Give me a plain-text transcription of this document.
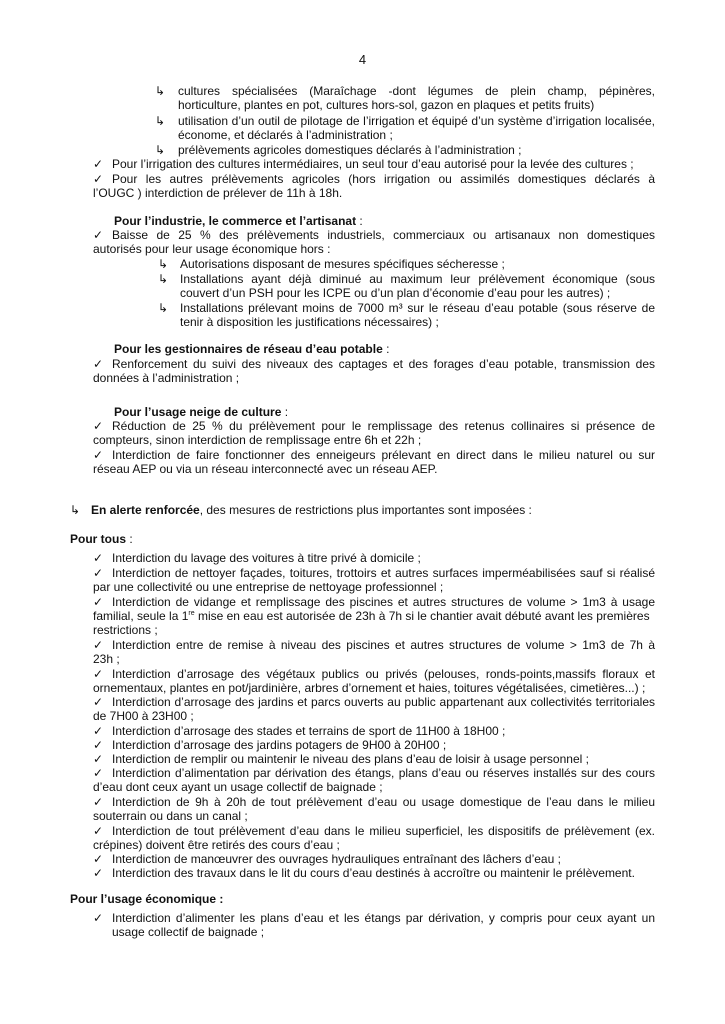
4
↳ cultures spécialisées (Maraîchage -dont légumes de plein champ, pépinères,
horticulture, plantes en pot, cultures hors-sol, gazon en plaques et petits fruits)
↳ utilisation d’un outil de pilotage de l’irrigation et équipé d’un système d’irrigation localisée,
économe, et déclarés à l’administration ;
↳ prélèvements agricoles domestiques déclarés à l’administration ;
✓ Pour l’irrigation des cultures intermédiaires, un seul tour d’eau autorisé pour la levée des cultures ;
✓ Pour les autres prélèvements agricoles (hors irrigation ou assimilés domestiques déclarés à
l’OUGC ) interdiction de prélever de 11h à 18h.
Pour l’industrie, le commerce et l’artisanat :
✓ Baisse de 25 % des prélèvements industriels, commerciaux ou artisanaux non domestiques
autorisés pour leur usage économique hors :
↳ Autorisations disposant de mesures spécifiques sécheresse ;
↳ Installations ayant déjà diminué au maximum leur prélèvement économique (sous
couvert d’un PSH pour les ICPE ou d’un plan d’économie d’eau pour les autres) ;
↳ Installations prélevant moins de 7000 m³ sur le réseau d’eau potable (sous réserve de
tenir à disposition les justifications nécessaires) ;
Pour les gestionnaires de réseau d’eau potable :
✓ Renforcement du suivi des niveaux des captages et des forages d’eau potable, transmission des
données à l’administration ;
Pour l’usage neige de culture :
✓ Réduction de 25 % du prélèvement pour le remplissage des retenus collinaires si présence de
compteurs, sinon interdiction de remplissage entre 6h et 22h ;
✓ Interdiction de faire fonctionner des enneigeurs prélevant en direct dans le milieu naturel ou sur
réseau AEP ou via un réseau interconnecté avec un réseau AEP.
↳ En alerte renforcée, des mesures de restrictions plus importantes sont imposées :
Pour tous :
✓ Interdiction du lavage des voitures à titre privé à domicile ;
✓ Interdiction de nettoyer façades, toitures, trottoirs et autres surfaces imperméabilisées sauf si réalisé
par une collectivité ou une entreprise de nettoyage professionnel ;
✓ Interdiction de vidange et remplissage des piscines et autres structures de volume > 1m3 à usage
familial, seule la 1re mise en eau est autorisée de 23h à 7h si le chantier avait débuté avant les premières
restrictions ;
✓ Interdiction entre de remise à niveau des piscines et autres structures de volume > 1m3 de 7h à
23h ;
✓ Interdiction d’arrosage des végétaux publics ou privés (pelouses, ronds-points,massifs floraux et
ornementaux, plantes en pot/jardinière, arbres d’ornement et haies, toitures végétalisées, cimetières...) ;
✓ Interdiction d’arrosage des jardins et parcs ouverts au public appartenant aux collectivités territoriales
de 7H00 à 23H00 ;
✓ Interdiction d’arrosage des stades et terrains de sport de 11H00 à 18H00 ;
✓ Interdiction d’arrosage des jardins potagers de 9H00 à 20H00 ;
✓ Interdiction de remplir ou maintenir le niveau des plans d’eau de loisir à usage personnel ;
✓ Interdiction d’alimentation par dérivation des étangs, plans d’eau ou réserves installés sur des cours
d’eau dont ceux ayant un usage collectif de baignade ;
✓ Interdiction de 9h à 20h de tout prélèvement d’eau ou usage domestique de l’eau dans le milieu
souterrain ou dans un canal ;
✓ Interdiction de tout prélèvement d’eau dans le milieu superficiel, les dispositifs de prélèvement (ex.
crépines) doivent être retirés des cours d’eau ;
✓ Interdiction de manœuvrer des ouvrages hydrauliques entraînant des lâchers d’eau ;
✓ Interdiction des travaux dans le lit du cours d’eau destinés à accroître ou maintenir le prélèvement.
Pour l’usage économique :
✓ Interdiction d’alimenter les plans d’eau et les étangs par dérivation, y compris pour ceux ayant un
usage collectif de baignade ;
